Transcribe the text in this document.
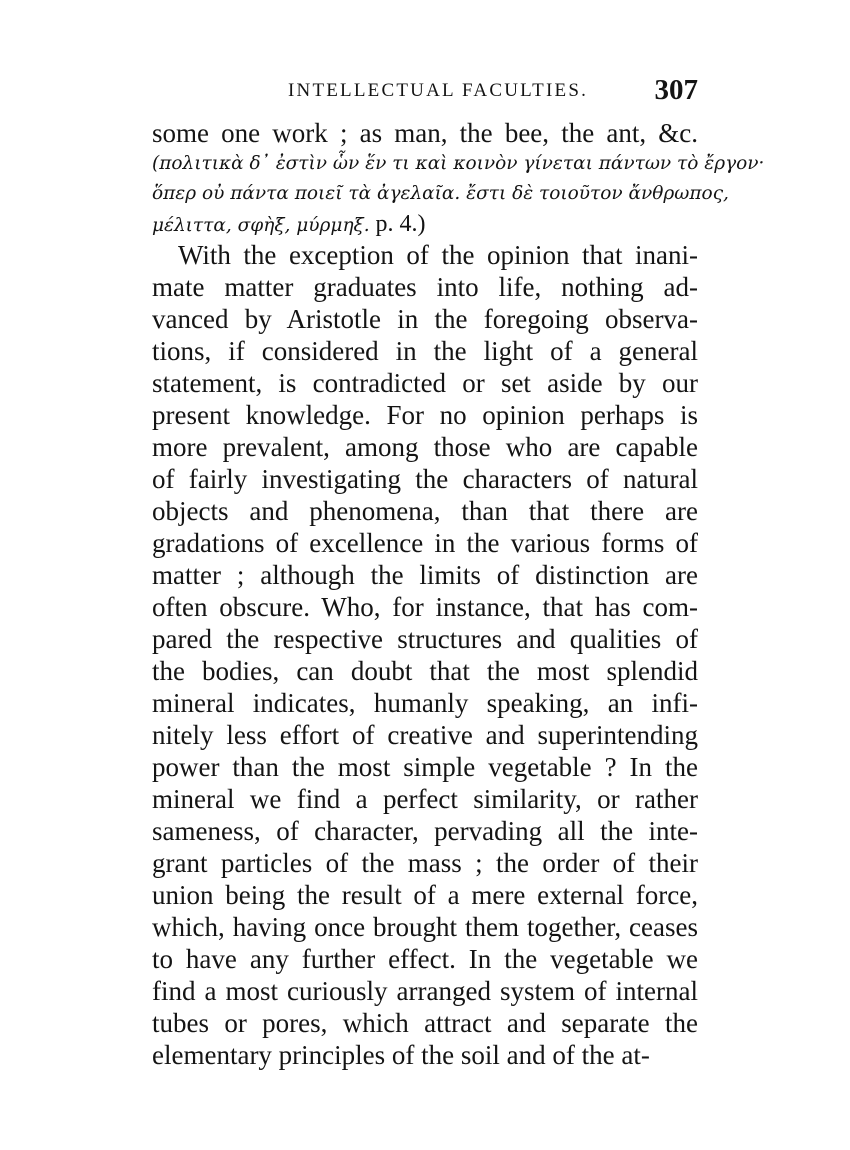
INTELLECTUAL FACULTIES. 307
some one work ; as man, the bee, the ant, &c.
(πολιτικὰ δ᾽ ἐστὶν ὧν ἕν τι καὶ κοινὸν γίνεται πάντων τὸ ἔργον·
ὅπερ οὐ πάντα ποιεῖ τὰ ἀγελαῖα. ἔστι δὲ τοιοῦτον ἄνθρωπος,
μέλιττα, σφὴξ, μύρμηξ. p. 4.)
With the exception of the opinion that inani-
mate matter graduates into life, nothing ad-
vanced by Aristotle in the foregoing observa-
tions, if considered in the light of a general
statement, is contradicted or set aside by our
present knowledge. For no opinion perhaps is
more prevalent, among those who are capable
of fairly investigating the characters of natural
objects and phenomena, than that there are
gradations of excellence in the various forms of
matter ; although the limits of distinction are
often obscure. Who, for instance, that has com-
pared the respective structures and qualities of
the bodies, can doubt that the most splendid
mineral indicates, humanly speaking, an infi-
nitely less effort of creative and superintending
power than the most simple vegetable ? In the
mineral we find a perfect similarity, or rather
sameness, of character, pervading all the inte-
grant particles of the mass ; the order of their
union being the result of a mere external force,
which, having once brought them together, ceases
to have any further effect. In the vegetable we
find a most curiously arranged system of internal
tubes or pores, which attract and separate the
elementary principles of the soil and of the at-
